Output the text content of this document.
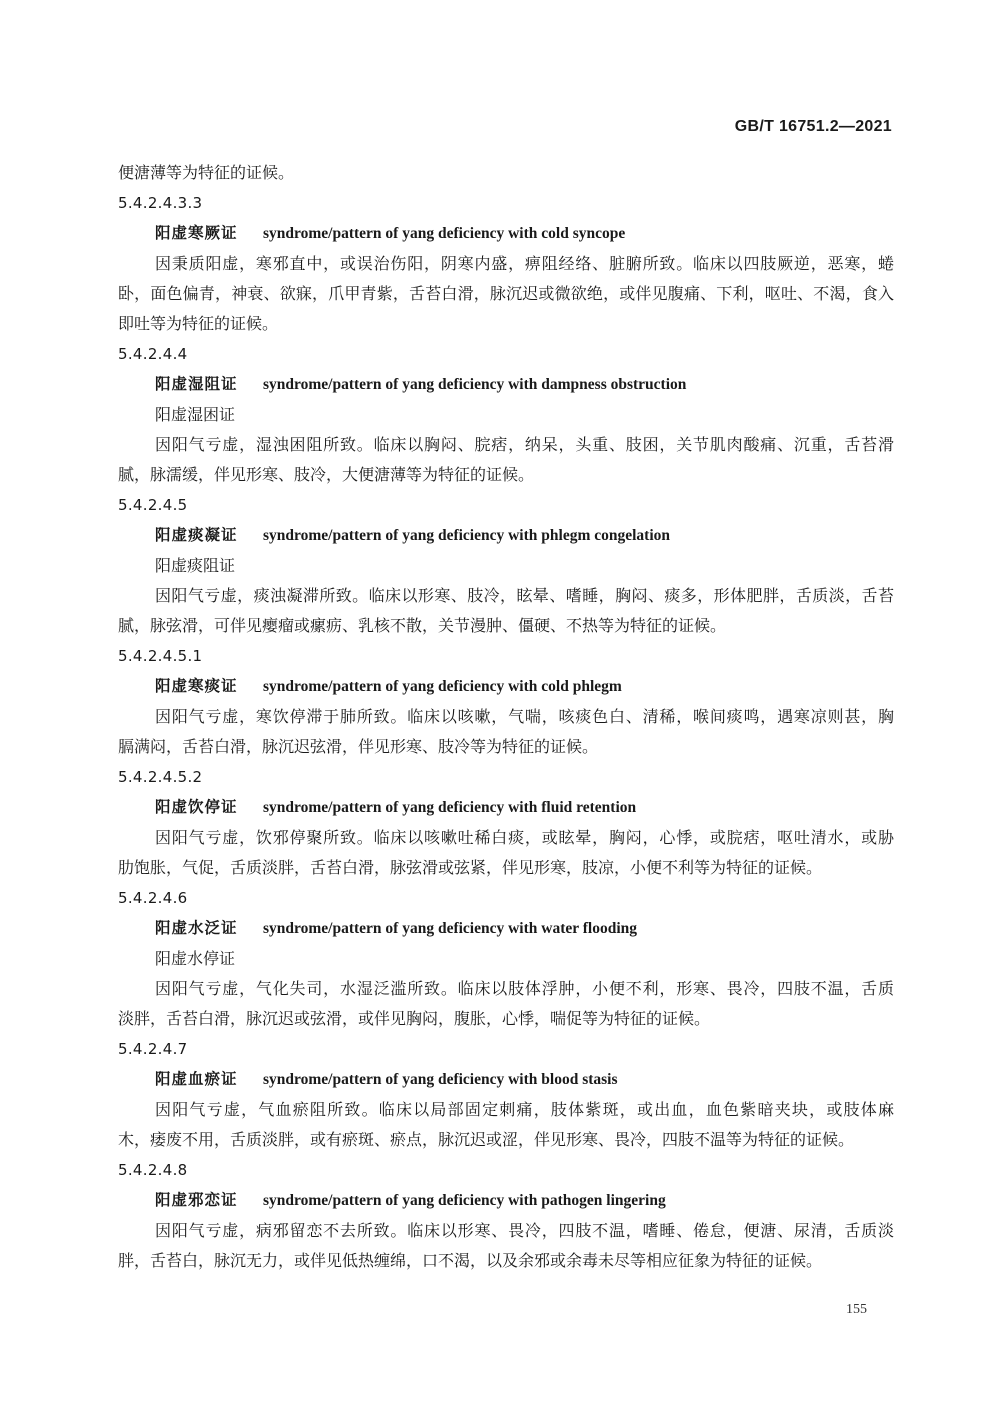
GB/T 16751.2—2021
便溏薄等为特征的证候。
5.4.2.4.3.3
阳虚寒厥证 syndrome/pattern of yang deficiency with cold syncope
因秉质阳虚，寒邪直中，或误治伤阳，阴寒内盛，痹阻经络、脏腑所致。临床以四肢厥逆，恶寒，蜷
卧，面色偏青，神衰、欲寐，爪甲青紫，舌苔白滑，脉沉迟或微欲绝，或伴见腹痛、下利，呕吐、不渴，食入
即吐等为特征的证候。
5.4.2.4.4
阳虚湿阻证 syndrome/pattern of yang deficiency with dampness obstruction
阳虚湿困证
因阳气亏虚，湿浊困阻所致。临床以胸闷、脘痞，纳呆，头重、肢困，关节肌肉酸痛、沉重，舌苔滑
腻，脉濡缓，伴见形寒、肢冷，大便溏薄等为特征的证候。
5.4.2.4.5
阳虚痰凝证 syndrome/pattern of yang deficiency with phlegm congelation
阳虚痰阻证
因阳气亏虚，痰浊凝滞所致。临床以形寒、肢冷，眩晕、嗜睡，胸闷、痰多，形体肥胖，舌质淡，舌苔
腻，脉弦滑，可伴见瘿瘤或瘰疬、乳核不散，关节漫肿、僵硬、不热等为特征的证候。
5.4.2.4.5.1
阳虚寒痰证 syndrome/pattern of yang deficiency with cold phlegm
因阳气亏虚，寒饮停滞于肺所致。临床以咳嗽，气喘，咳痰色白、清稀，喉间痰鸣，遇寒凉则甚，胸
膈满闷，舌苔白滑，脉沉迟弦滑，伴见形寒、肢冷等为特征的证候。
5.4.2.4.5.2
阳虚饮停证 syndrome/pattern of yang deficiency with fluid retention
因阳气亏虚，饮邪停聚所致。临床以咳嗽吐稀白痰，或眩晕，胸闷，心悸，或脘痞，呕吐清水，或胁
肋饱胀，气促，舌质淡胖，舌苔白滑，脉弦滑或弦紧，伴见形寒，肢凉，小便不利等为特征的证候。
5.4.2.4.6
阳虚水泛证 syndrome/pattern of yang deficiency with water flooding
阳虚水停证
因阳气亏虚，气化失司，水湿泛滥所致。临床以肢体浮肿，小便不利，形寒、畏冷，四肢不温，舌质
淡胖，舌苔白滑，脉沉迟或弦滑，或伴见胸闷，腹胀，心悸，喘促等为特征的证候。
5.4.2.4.7
阳虚血瘀证 syndrome/pattern of yang deficiency with blood stasis
因阳气亏虚，气血瘀阻所致。临床以局部固定刺痛，肢体紫斑，或出血，血色紫暗夹块，或肢体麻
木，痿废不用，舌质淡胖，或有瘀斑、瘀点，脉沉迟或涩，伴见形寒、畏冷，四肢不温等为特征的证候。
5.4.2.4.8
阳虚邪恋证 syndrome/pattern of yang deficiency with pathogen lingering
因阳气亏虚，病邪留恋不去所致。临床以形寒、畏冷，四肢不温，嗜睡、倦怠，便溏、尿清，舌质淡
胖，舌苔白，脉沉无力，或伴见低热缠绵，口不渴，以及余邪或余毒未尽等相应征象为特征的证候。
155
